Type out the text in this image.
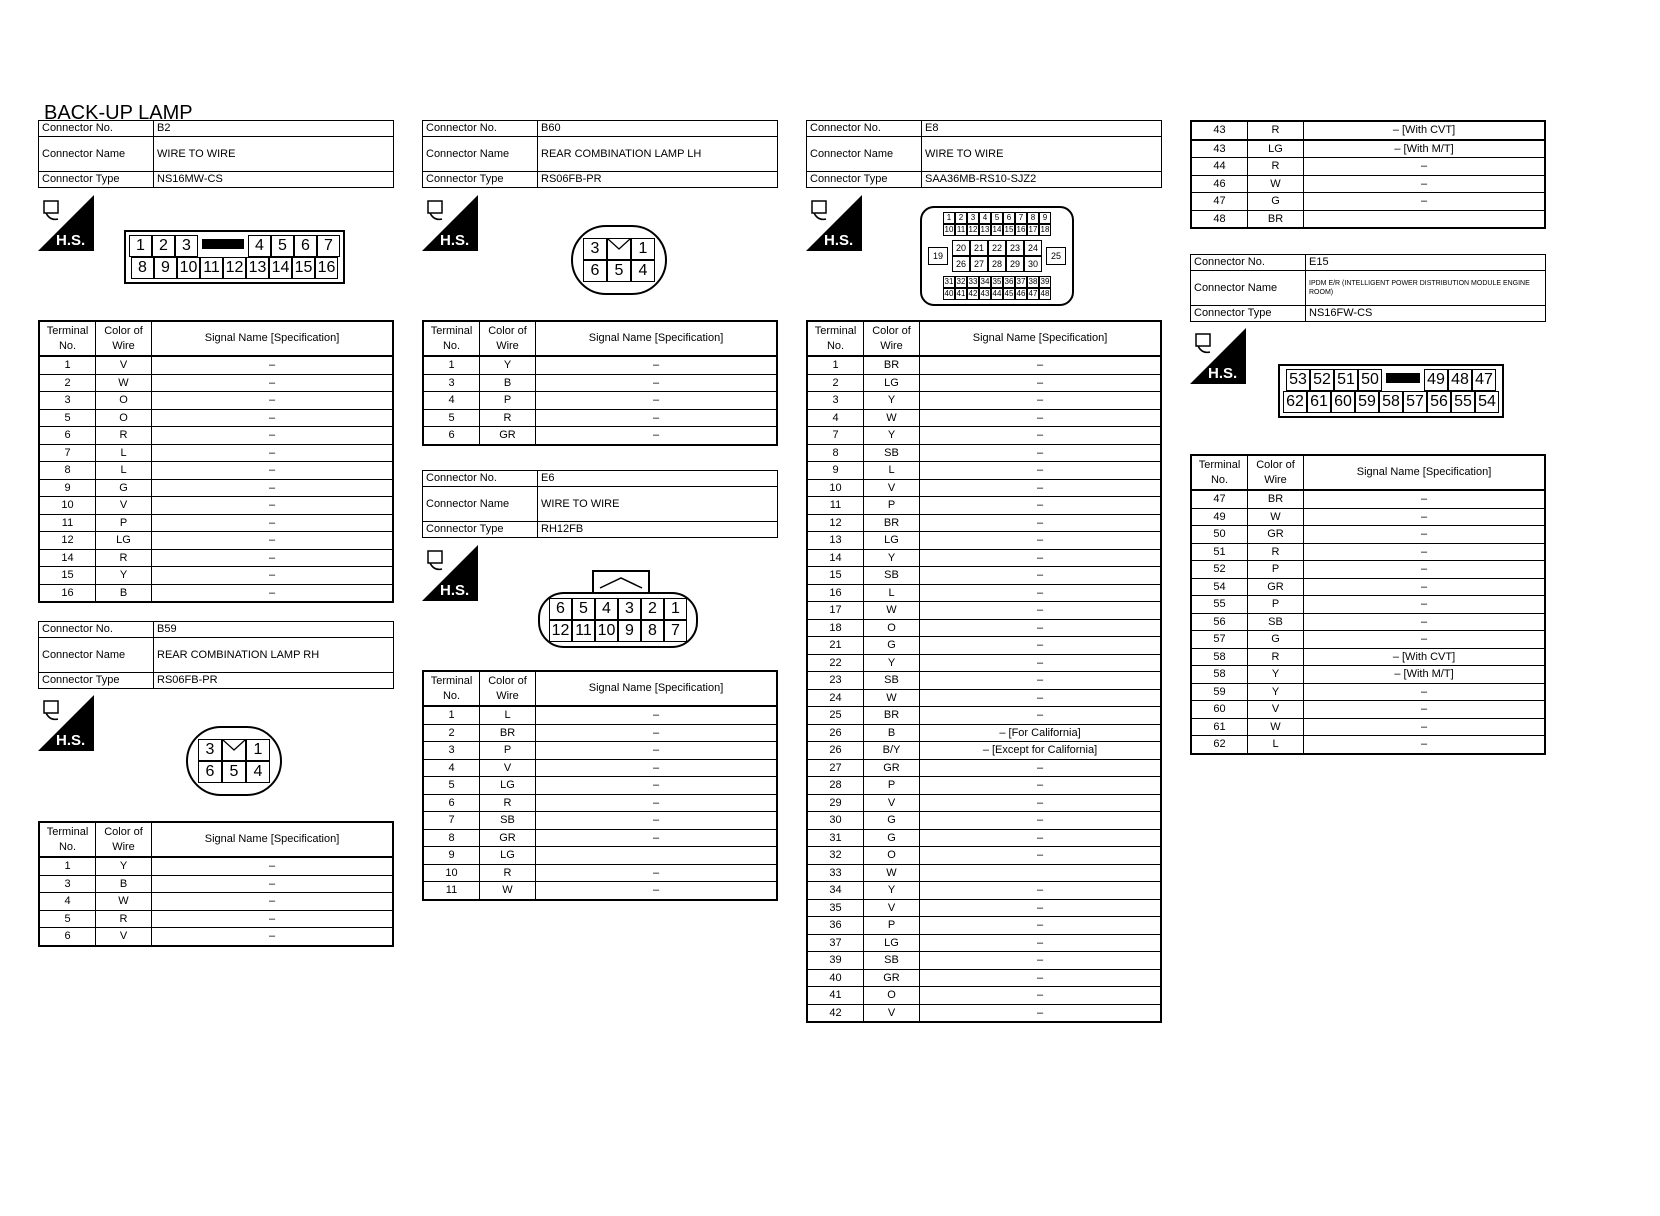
BACK-UP LAMP
Connector No.	B2
Connector Name	WIRE TO WIRE
Connector Type	NS16MW-CS
H.S.	1 2 3	4 5 6 7
8 9 10 11 12 13 14 15 16
Terminal No.	Color of Wire	Signal Name [Specification]
1	V	–
2	W	–
3	O	–
5	O	–
6	R	–
7	L	–
8	L	–
9	G	–
10	V	–
11	P	–
12	LG	–
14	R	–
15	Y	–
16	B	–
Connector No.	B59
Connector Name	REAR COMBINATION LAMP RH
Connector Type	RS06FB-PR
H.S.
3	1
6 5 4
Terminal No.	Color of Wire	Signal Name [Specification]
1	Y	–
3	B	–
4	W	–
5	R	–
6	V	–
Connector No.	B60
Connector Name	REAR COMBINATION LAMP LH
Connector Type	RS06FB-PR
H.S.	3	1
6 5 4
Terminal No.	Color of Wire	Signal Name [Specification]
1	Y	–
3	B	–
4	P	–
5	R	–
6	GR	–
Connector No.	E6
Connector Name	WIRE TO WIRE
Connector Type	RH12FB
H.S.
6 5 4 3 2 1
12 11 10 9 8 7
Terminal No.	Color of Wire	Signal Name [Specification]
1	L	–
2	BR	–
3	P	–
4	V	–
5	LG	–
6	R	–
7	SB	–
8	GR	–
9	LG	
10	R	–
11	W	–
Connector No.	E8
Connector Name	WIRE TO WIRE
Connector Type	SAA36MB-RS10-SJZ2
H.S.
1 2 3 4 5 6 7 8 9
10 11 12 13 14 15 16 17 18
19
20 21 22 23 24
26 27 28 29 30
25
31 32 33 34 35 36 37 38 39
40 41 42 43 44 45 46 47 48
Terminal No.	Color of Wire	Signal Name [Specification]
1	BR	–
2	LG	–
3	Y	–
4	W	–
7	Y	–
8	SB	–
9	L	–
10	V	–
11	P	–
12	BR	–
13	LG	–
14	Y	–
15	SB	–
16	L	–
17	W	–
18	O	–
21	G	–
22	Y	–
23	SB	–
24	W	–
25	BR	–
26	B	– [For California]
26	B/Y	– [Except for California]
27	GR	–
28	P	–
29	V	–
30	G	–
31	G	–
32	O	–
33	W	
34	Y	–
35	V	–
36	P	–
37	LG	–
39	SB	–
40	GR	–
41	O	–
42	V	–
43	R	– [With CVT]
43	LG	– [With M/T]
44	R	–
46	W	–
47	G	–
48	BR	
Connector No.	E15
Connector Name	IPDM E/R (INTELLIGENT POWER DISTRIBUTION MODULE ENGINE ROOM)
Connector Type	NS16FW-CS
H.S.	53 52 51 50	49 48 47
62 61 60 59 58 57 56 55 54
Terminal No.	Color of Wire	Signal Name [Specification]
47	BR	–
49	W	–
50	GR	–
51	R	–
52	P	–
54	GR	–
55	P	–
56	SB	–
57	G	–
58	R	– [With CVT]
58	Y	– [With M/T]
59	Y	–
60	V	–
61	W	–
62	L	–
